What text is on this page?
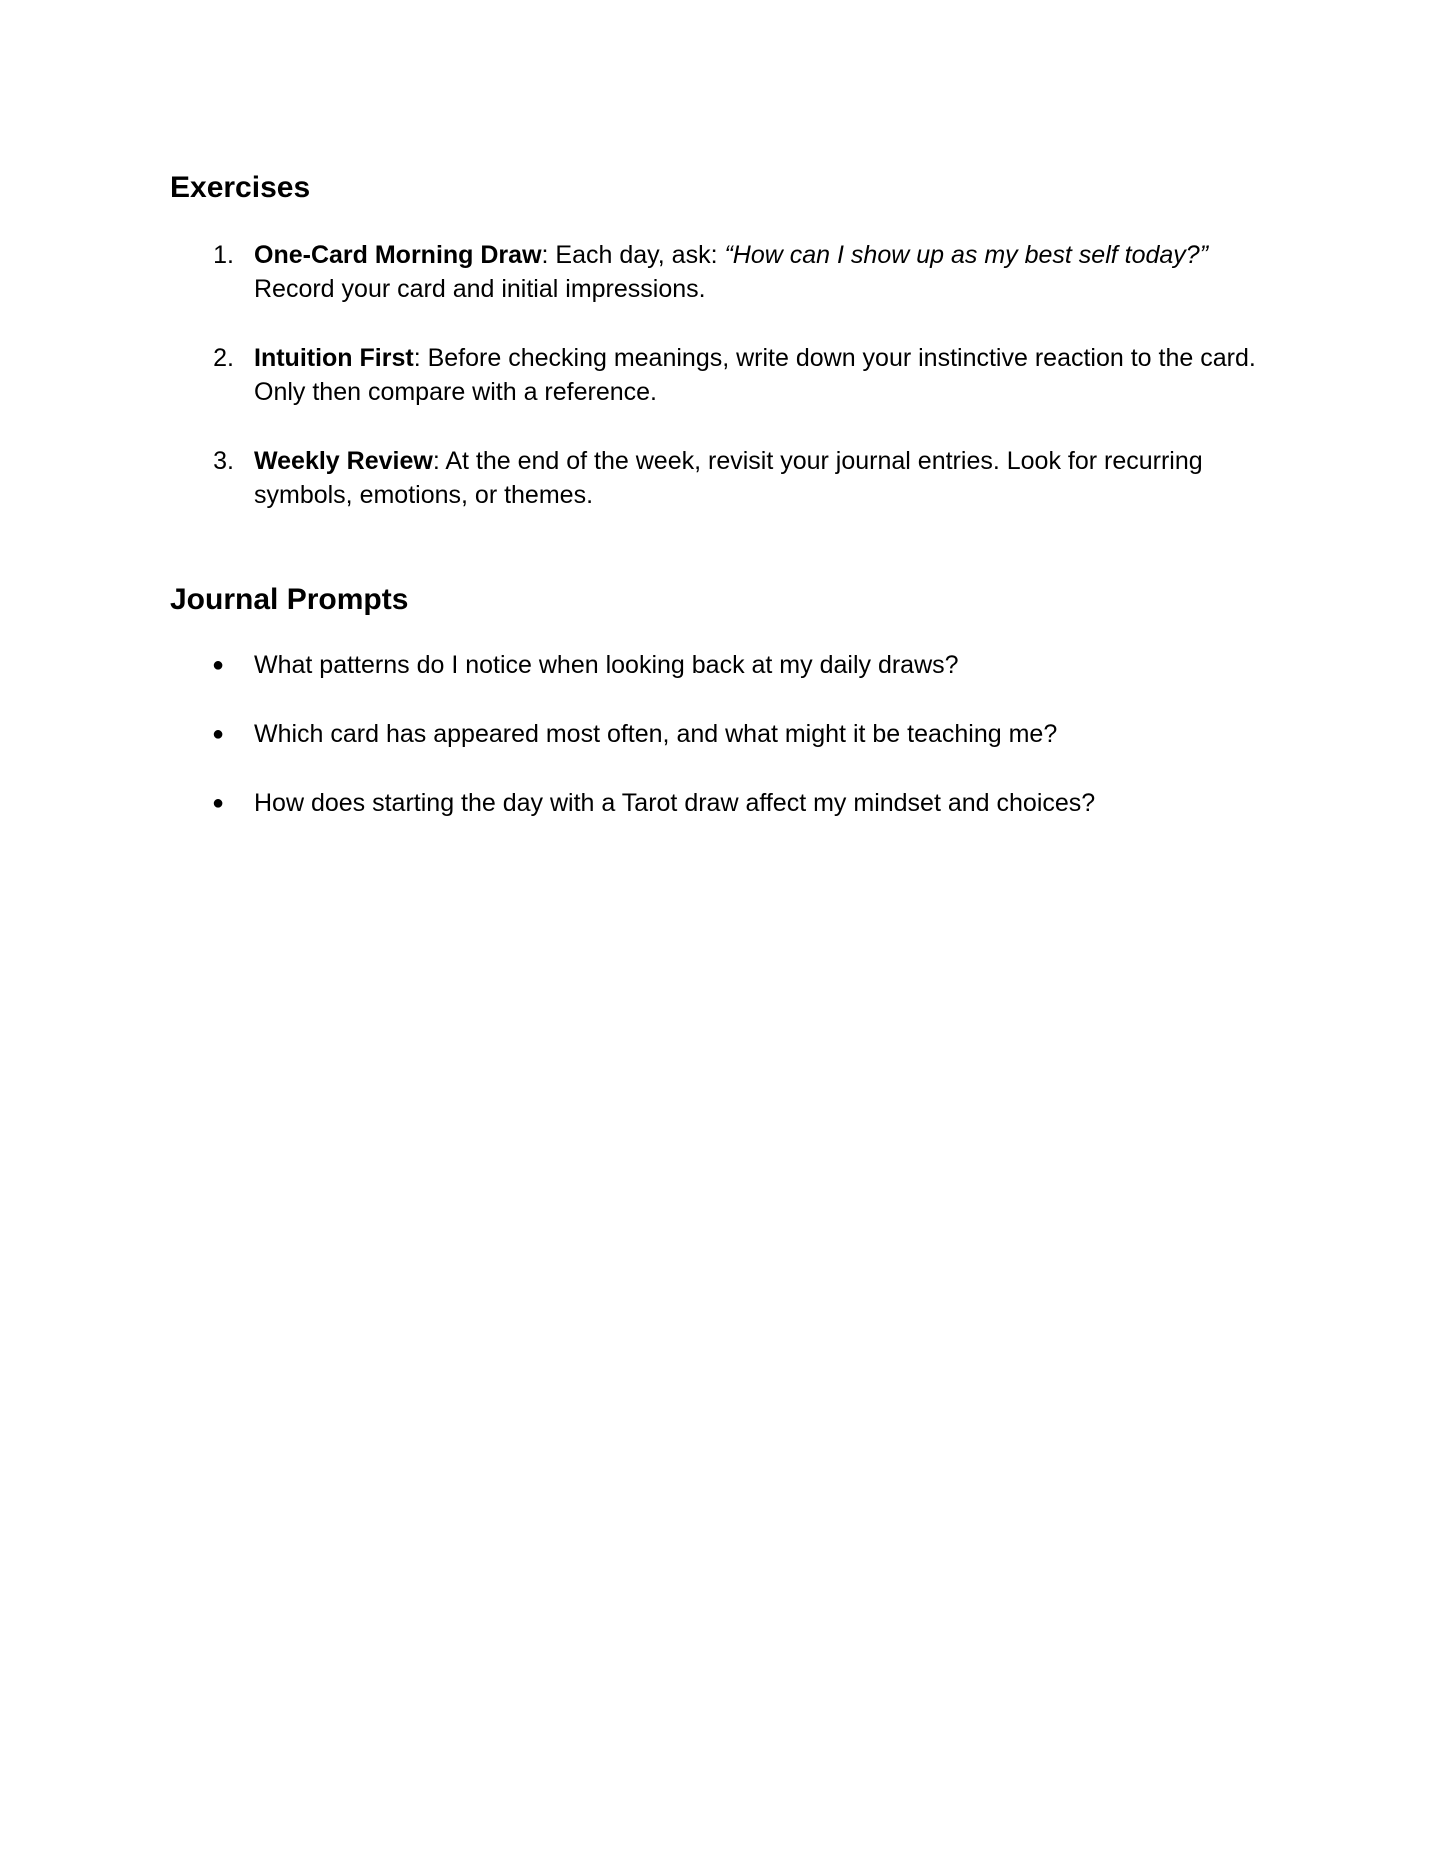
Exercises
1. One-Card Morning Draw: Each day, ask: “How can I show up as my best self today?” Record your card and initial impressions.
2. Intuition First: Before checking meanings, write down your instinctive reaction to the card. Only then compare with a reference.
3. Weekly Review: At the end of the week, revisit your journal entries. Look for recurring symbols, emotions, or themes.
Journal Prompts
● What patterns do I notice when looking back at my daily draws?
● Which card has appeared most often, and what might it be teaching me?
● How does starting the day with a Tarot draw affect my mindset and choices?
